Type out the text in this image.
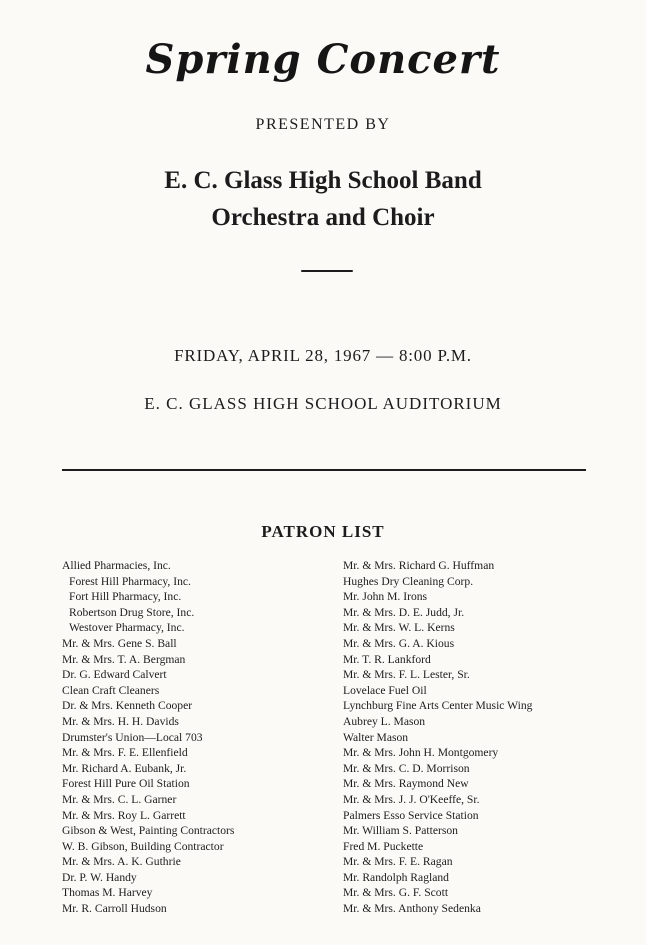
Spring Concert
PRESENTED BY
E. C. Glass High School Band
Orchestra and Choir
FRIDAY, APRIL 28, 1967 — 8:00 P.M.
E. C. GLASS HIGH SCHOOL AUDITORIUM
PATRON LIST
Allied Pharmacies, Inc.
Forest Hill Pharmacy, Inc.
Fort Hill Pharmacy, Inc.
Robertson Drug Store, Inc.
Westover Pharmacy, Inc.
Mr. & Mrs. Gene S. Ball
Mr. & Mrs. T. A. Bergman
Dr. G. Edward Calvert
Clean Craft Cleaners
Dr. & Mrs. Kenneth Cooper
Mr. & Mrs. H. H. Davids
Drumster's Union—Local 703
Mr. & Mrs. F. E. Ellenfield
Mr. Richard A. Eubank, Jr.
Forest Hill Pure Oil Station
Mr. & Mrs. C. L. Garner
Mr. & Mrs. Roy L. Garrett
Gibson & West, Painting Contractors
W. B. Gibson, Building Contractor
Mr. & Mrs. A. K. Guthrie
Dr. P. W. Handy
Thomas M. Harvey
Mr. R. Carroll Hudson
Mr. & Mrs. Richard G. Huffman
Hughes Dry Cleaning Corp.
Mr. John M. Irons
Mr. & Mrs. D. E. Judd, Jr.
Mr. & Mrs. W. L. Kerns
Mr. & Mrs. G. A. Kious
Mr. T. R. Lankford
Mr. & Mrs. F. L. Lester, Sr.
Lovelace Fuel Oil
Lynchburg Fine Arts Center Music Wing
Aubrey L. Mason
Walter Mason
Mr. & Mrs. John H. Montgomery
Mr. & Mrs. C. D. Morrison
Mr. & Mrs. Raymond New
Mr. & Mrs. J. J. O'Keeffe, Sr.
Palmers Esso Service Station
Mr. William S. Patterson
Fred M. Puckette
Mr. & Mrs. F. E. Ragan
Mr. Randolph Ragland
Mr. & Mrs. G. F. Scott
Mr. & Mrs. Anthony Sedenka
